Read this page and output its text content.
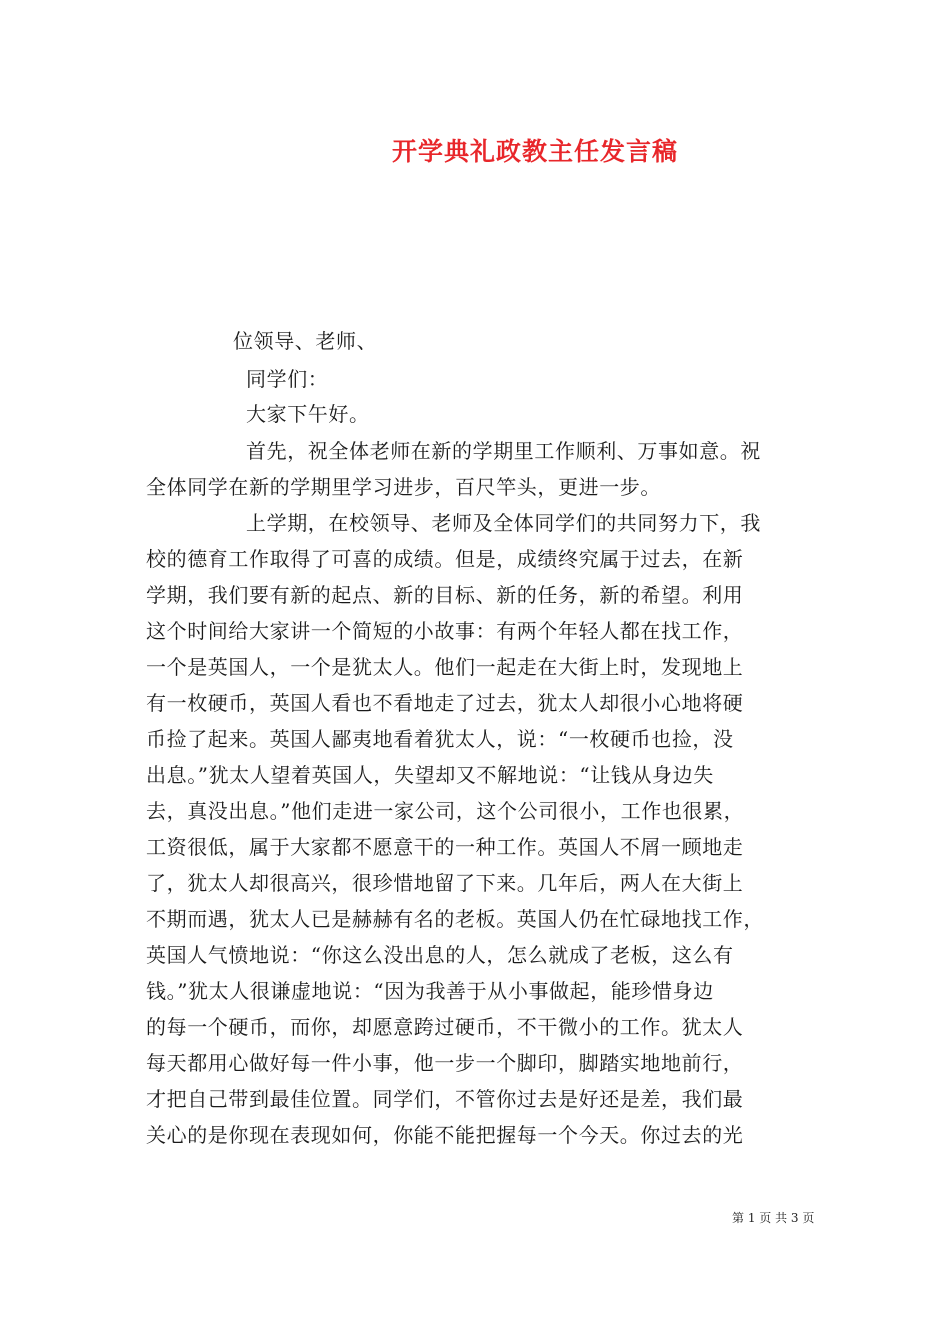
开学典礼政教主任发言稿
位领导、老师、
同学们：
大家下午好。
首先，祝全体老师在新的学期里工作顺利、万事如意。祝
全体同学在新的学期里学习进步，百尺竿头，更进一步。
上学期，在校领导、老师及全体同学们的共同努力下，我
校的德育工作取得了可喜的成绩。但是，成绩终究属于过去，在新
学期，我们要有新的起点、新的目标、新的任务，新的希望。利用
这个时间给大家讲一个简短的小故事：有两个年轻人都在找工作，
一个是英国人，一个是犹太人。他们一起走在大街上时，发现地上
有一枚硬币，英国人看也不看地走了过去，犹太人却很小心地将硬
币捡了起来。英国人鄙夷地看着犹太人，说：“一枚硬币也捡，没
出息。”犹太人望着英国人，失望却又不解地说：“让钱从身边失
去，真没出息。”他们走进一家公司，这个公司很小，工作也很累，
工资很低，属于大家都不愿意干的一种工作。英国人不屑一顾地走
了，犹太人却很高兴，很珍惜地留了下来。几年后，两人在大街上
不期而遇，犹太人已是赫赫有名的老板。英国人仍在忙碌地找工作，
英国人气愤地说：“你这么没出息的人，怎么就成了老板，这么有
钱。”犹太人很谦虚地说：“因为我善于从小事做起，能珍惜身边
的每一个硬币，而你，却愿意跨过硬币，不干微小的工作。犹太人
每天都用心做好每一件小事，他一步一个脚印，脚踏实地地前行，
才把自己带到最佳位置。同学们，不管你过去是好还是差，我们最
关心的是你现在表现如何，你能不能把握每一个今天。你过去的光
第 1 页 共 3 页
